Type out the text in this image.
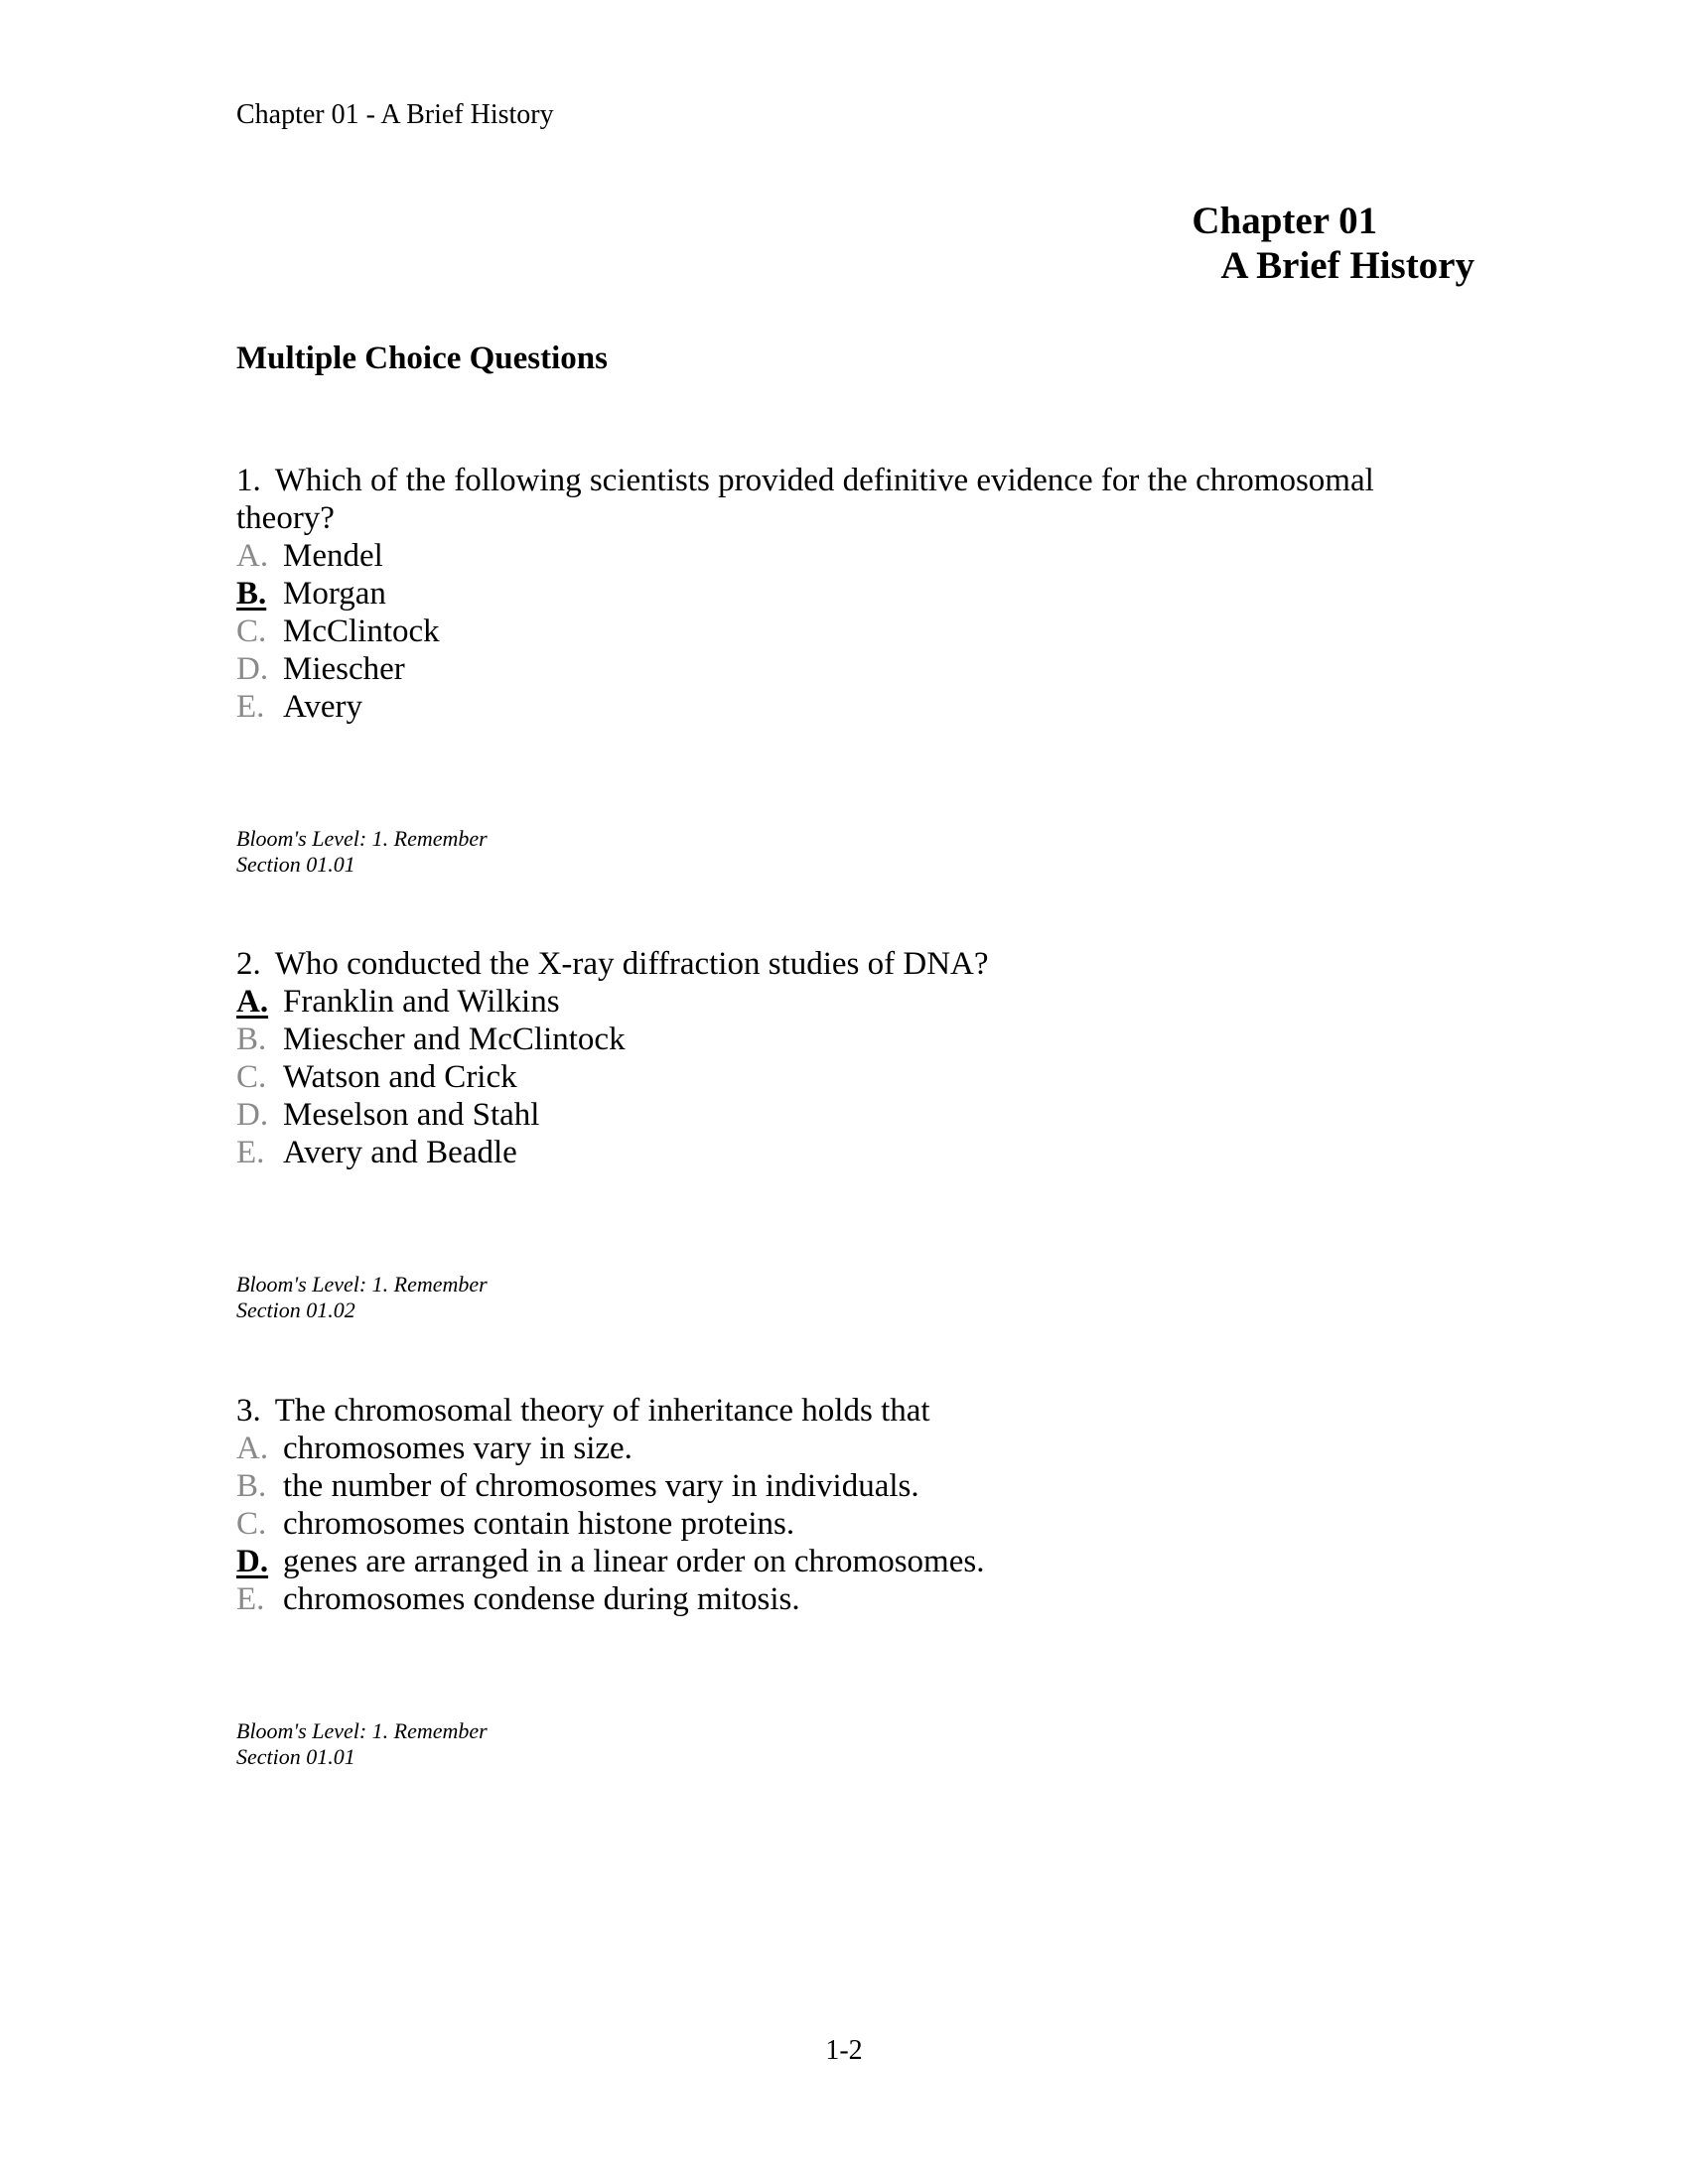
Chapter 01 - A Brief History
Chapter 01
A Brief History
Multiple Choice Questions

1. Which of the following scientists provided definitive evidence for the chromosomal theory?

A. Mendel
B. Morgan
C. McClintock
D. Miescher
E. Avery
Bloom's Level: 1. Remember
Section 01.01

2. Who conducted the X-ray diffraction studies of DNA?

A. Franklin and Wilkins
B. Miescher and McClintock
C. Watson and Crick
D. Meselson and Stahl
E. Avery and Beadle
Bloom's Level: 1. Remember
Section 01.02

3. The chromosomal theory of inheritance holds that

A. chromosomes vary in size.
B. the number of chromosomes vary in individuals.
C. chromosomes contain histone proteins.
D. genes are arranged in a linear order on chromosomes.
E. chromosomes condense during mitosis.
Bloom's Level: 1. Remember
Section 01.01
1-2
